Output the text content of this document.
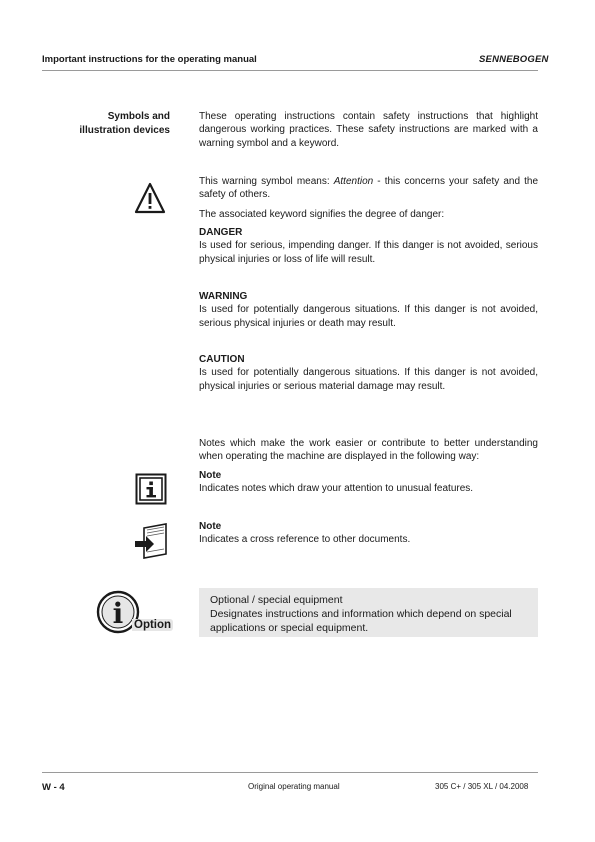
Important instructions for the operating manual	SENNEBOGEN
Symbols and
illustration devices
These operating instructions contain safety instructions that highlight dangerous working practices. These safety instructions are marked with a warning symbol and a keyword.
This warning symbol means: Attention - this concerns your safety and the safety of others.
The associated keyword signifies the degree of danger:
DANGER
Is used for serious, impending danger. If this danger is not avoided, serious physical injuries or loss of life will result.
WARNING
Is used for potentially dangerous situations. If this danger is not avoided, serious physical injuries or death may result.
CAUTION
Is used for potentially dangerous situations. If this danger is not avoided, physical injuries or serious material damage may result.
Notes which make the work easier or contribute to better understanding when operating the machine are displayed in the following way:
Note
Indicates notes which draw your attention to unusual features.
Note
Indicates a cross reference to other documents.
i Option
Optional / special equipment
Designates instructions and information which depend on special applications or special equipment.
W - 4	Original operating manual	305 C+ / 305 XL / 04.2008
